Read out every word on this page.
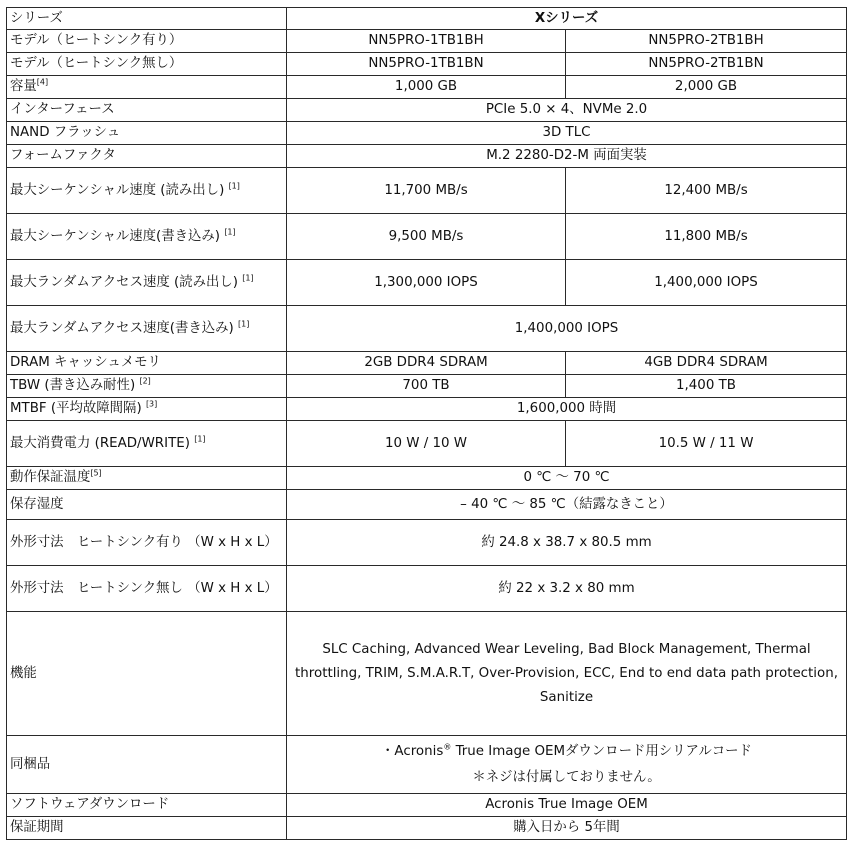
シリーズ	Xシリーズ	
モデル（ヒートシンク有り）	NN5PRO-1TB1BH	NN5PRO-2TB1BH
モデル（ヒートシンク無し）	NN5PRO-1TB1BN	NN5PRO-2TB1BN
容量[4]	1,000 GB	2,000 GB
インターフェース	PCIe 5.0 × 4、NVMe 2.0	
NAND フラッシュ	3D TLC	
フォームファクタ	M.2 2280-D2-M 両面実装	
最大シーケンシャル速度 (読み出し) [1]	11,700 MB/s	12,400 MB/s
最大シーケンシャル速度(書き込み) [1]	9,500 MB/s	11,800 MB/s
最大ランダムアクセス速度 (読み出し) [1]	1,300,000 IOPS	1,400,000 IOPS
最大ランダムアクセス速度(書き込み) [1]	1,400,000 IOPS	
DRAM キャッシュメモリ	2GB DDR4 SDRAM	4GB DDR4 SDRAM
TBW (書き込み耐性) [2]	700 TB	1,400 TB
MTBF (平均故障間隔) [3]	1,600,000 時間	
最大消費電力 (READ/WRITE) [1]	10 W / 10 W	10.5 W / 11 W
動作保証温度[5]	0 ℃ 〜 70 ℃	
保存湿度	– 40 ℃ 〜 85 ℃（結露なきこと）	
外形寸法　ヒートシンク有り （W x H x L）	約 24.8 x 38.7 x 80.5 mm	
外形寸法　ヒートシンク無し （W x H x L）	約 22 x 3.2 x 80 mm	
機能	SLC Caching, Advanced Wear Leveling, Bad Block Management, Thermal throttling, TRIM, S.M.A.R.T, Over-Provision, ECC, End to end data path protection, Sanitize	
同梱品	・Acronis® True Image OEMダウンロード用シリアルコード
＊ネジは付属しておりません。	

ソフトウェアダウンロード	Acronis True Image OEM	
保証期間	購入日から 5年間	
